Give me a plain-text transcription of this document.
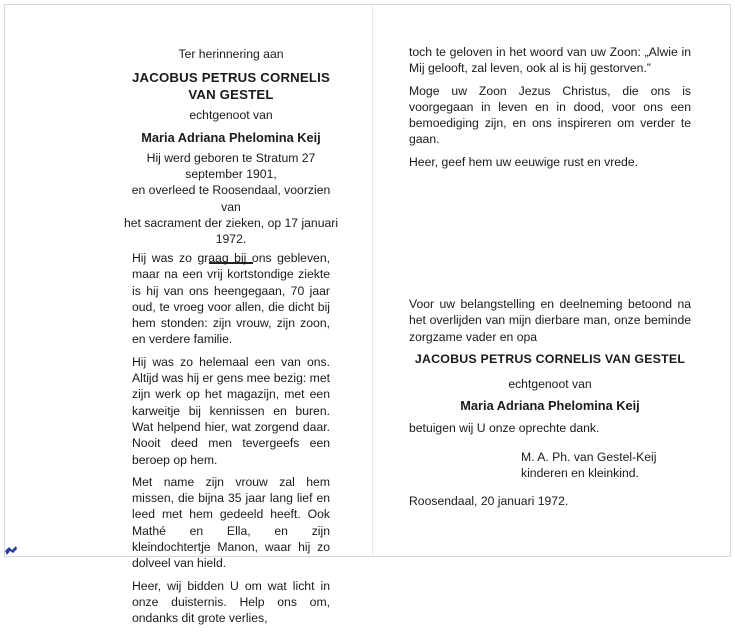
Ter herinnering aan
JACOBUS PETRUS CORNELIS
VAN GESTEL
echtgenoot van
Maria Adriana Phelomina Keij
Hij werd geboren te Stratum 27 september 1901,
en overleed te Roosendaal, voorzien van
het sacrament der zieken, op 17 januari 1972.

Hij was zo graag bij ons gebleven, maar na een vrij kortstondige ziekte is hij van ons heengegaan, 70 jaar oud, te vroeg voor allen, die dicht bij hem stonden: zijn vrouw, zijn zoon, en verdere familie.

Hij was zo helemaal een van ons. Altijd was hij er gens mee bezig: met zijn werk op het magazijn, met een karweitje bij kennissen en buren. Wat helpend hier, wat zorgend daar. Nooit deed men tevergeefs een beroep op hem.

Met name zijn vrouw zal hem missen, die bijna 35 jaar lang lief en leed met hem gedeeld heeft. Ook Mathé en Ella, en zijn kleindochtertje Manon, waar hij zo dolveel van hield.

Heer, wij bidden U om wat licht in onze duisternis. Help ons om, ondanks dit grote verlies,

toch te geloven in het woord van uw Zoon: „Alwie in Mij gelooft, zal leven, ook al is hij gestorven.”

Moge uw Zoon Jezus Christus, die ons is voorgegaan in leven en in dood, voor ons een bemoediging zijn, en ons inspireren om verder te gaan.

Heer, geef hem uw eeuwige rust en vrede.

Voor uw belangstelling en deelneming betoond na het overlijden van mijn dierbare man, onze beminde zorgzame vader en opa

JACOBUS PETRUS CORNELIS VAN GESTEL
echtgenoot van
Maria Adriana Phelomina Keij
betuigen wij U onze oprechte dank.
M. A. Ph. van Gestel-Keij
kinderen en kleinkind.
Roosendaal, 20 januari 1972.
